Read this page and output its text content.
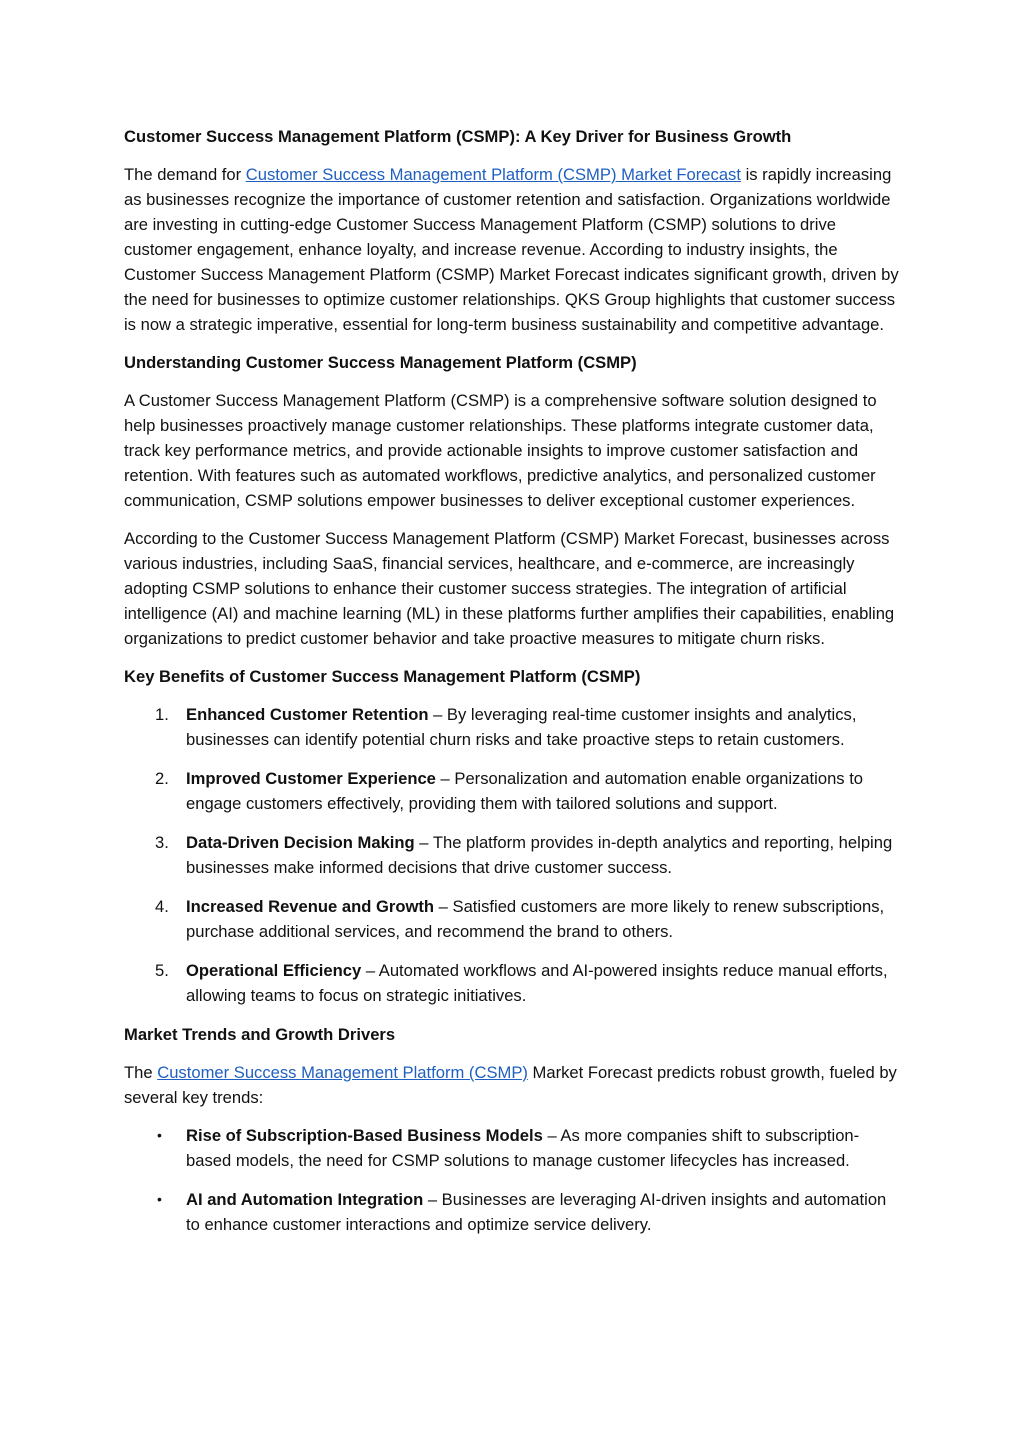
Customer Success Management Platform (CSMP): A Key Driver for Business Growth

The demand for Customer Success Management Platform (CSMP) Market Forecast is rapidly increasing as businesses recognize the importance of customer retention and satisfaction. Organizations worldwide are investing in cutting-edge Customer Success Management Platform (CSMP) solutions to drive customer engagement, enhance loyalty, and increase revenue. According to industry insights, the Customer Success Management Platform (CSMP) Market Forecast indicates significant growth, driven by the need for businesses to optimize customer relationships. QKS Group highlights that customer success is now a strategic imperative, essential for long-term business sustainability and competitive advantage.

Understanding Customer Success Management Platform (CSMP)

A Customer Success Management Platform (CSMP) is a comprehensive software solution designed to help businesses proactively manage customer relationships. These platforms integrate customer data, track key performance metrics, and provide actionable insights to improve customer satisfaction and retention. With features such as automated workflows, predictive analytics, and personalized customer communication, CSMP solutions empower businesses to deliver exceptional customer experiences.

According to the Customer Success Management Platform (CSMP) Market Forecast, businesses across various industries, including SaaS, financial services, healthcare, and e-commerce, are increasingly adopting CSMP solutions to enhance their customer success strategies. The integration of artificial intelligence (AI) and machine learning (ML) in these platforms further amplifies their capabilities, enabling organizations to predict customer behavior and take proactive measures to mitigate churn risks.

Key Benefits of Customer Success Management Platform (CSMP)

1.	Enhanced Customer Retention – By leveraging real-time customer insights and analytics, businesses can identify potential churn risks and take proactive steps to retain customers.
2.	Improved Customer Experience – Personalization and automation enable organizations to engage customers effectively, providing them with tailored solutions and support.
3.	Data-Driven Decision Making – The platform provides in-depth analytics and reporting, helping businesses make informed decisions that drive customer success.
4.	Increased Revenue and Growth – Satisfied customers are more likely to renew subscriptions, purchase additional services, and recommend the brand to others.
5.	Operational Efficiency – Automated workflows and AI-powered insights reduce manual efforts, allowing teams to focus on strategic initiatives.

Market Trends and Growth Drivers

The Customer Success Management Platform (CSMP) Market Forecast predicts robust growth, fueled by several key trends:

• Rise of Subscription-Based Business Models – As more companies shift to subscription-based models, the need for CSMP solutions to manage customer lifecycles has increased.
• AI and Automation Integration – Businesses are leveraging AI-driven insights and automation to enhance customer interactions and optimize service delivery.
